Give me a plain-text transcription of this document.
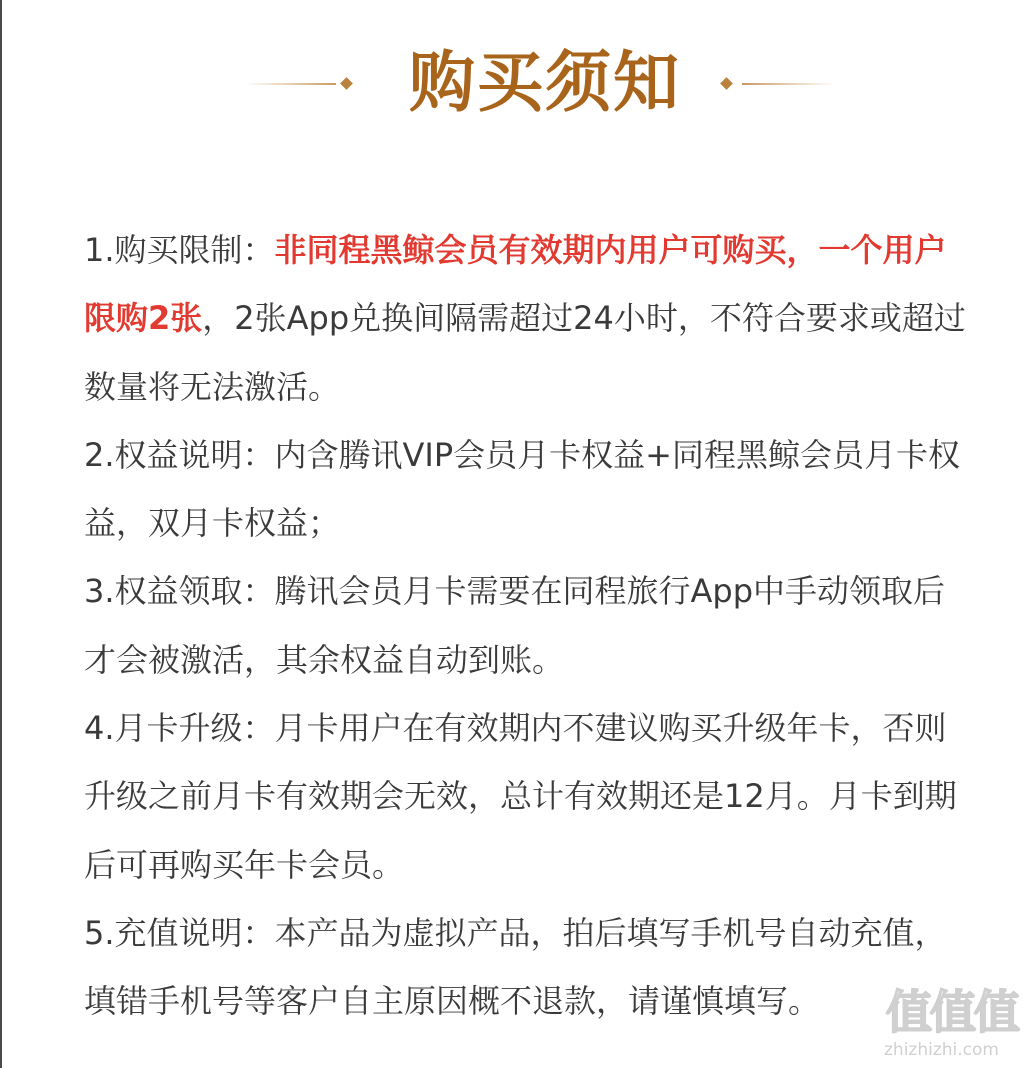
购买须知
1.购买限制：非同程黑鲸会员有效期内用户可购买，一个用户
限购2张，2张App兑换间隔需超过24小时，不符合要求或超过
数量将无法激活。
2.权益说明：内含腾讯VIP会员月卡权益+同程黑鲸会员月卡权
益，双月卡权益；
3.权益领取：腾讯会员月卡需要在同程旅行App中手动领取后
才会被激活，其余权益自动到账。
4.月卡升级：月卡用户在有效期内不建议购买升级年卡，否则
升级之前月卡有效期会无效，总计有效期还是12月。月卡到期
后可再购买年卡会员。
5.充值说明：本产品为虚拟产品，拍后填写手机号自动充值，
填错手机号等客户自主原因概不退款，请谨慎填写。	值值值
zhizhizhi.com
